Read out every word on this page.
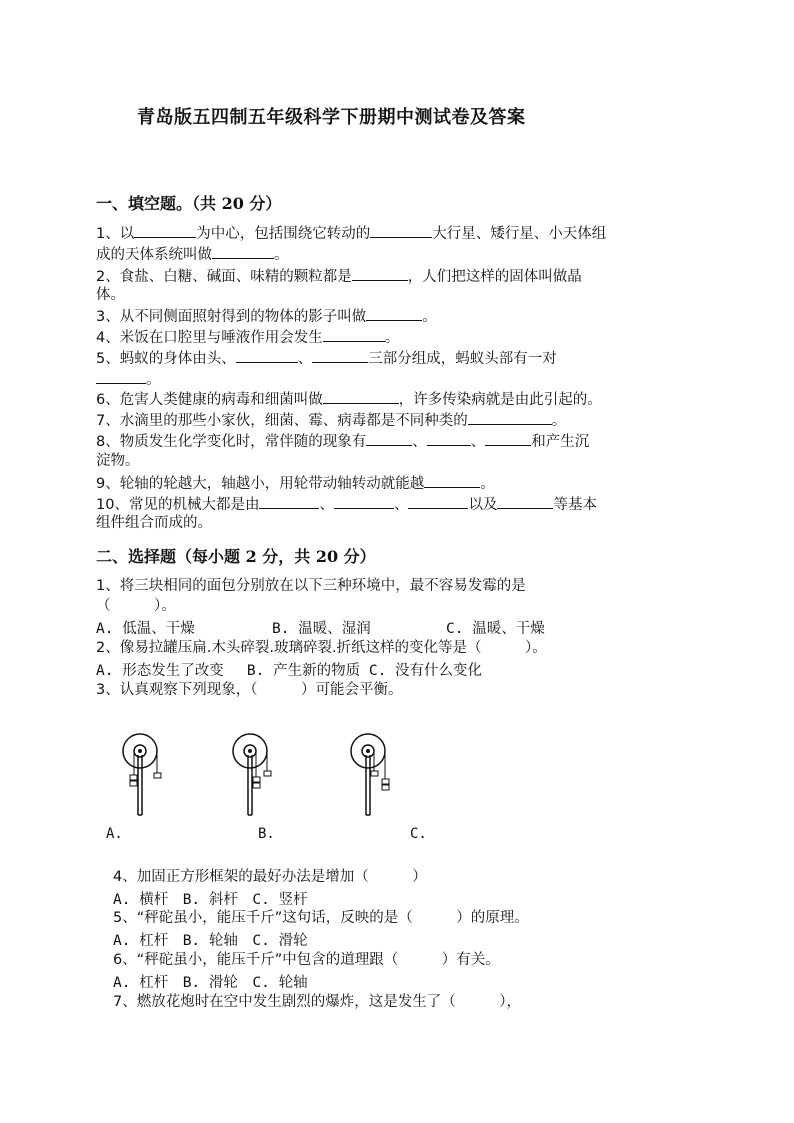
青岛版五四制五年级科学下册期中测试卷及答案
一、填空题。（共 20 分）
1、以	为中心，包括围绕它转动的	大行星、矮行星、小天体组
成的天体系统叫做	。
2、食盐、白糖、碱面、味精的颗粒都是	，人们把这样的固体叫做晶
体。
3、从不同侧面照射得到的物体的影子叫做	。
4、米饭在口腔里与唾液作用会发生	。
5、蚂蚁的身体由头、	、	三部分组成，蚂蚁头部有一对
。
6、危害人类健康的病毒和细菌叫做	，许多传染病就是由此引起的。
7、水滴里的那些小家伙，细菌、霉、病毒都是不同种类的	。
8、物质发生化学变化时，常伴随的现象有	、	、	和产生沉
淀物。
9、轮轴的轮越大，轴越小，用轮带动轴转动就能越	。
10、常见的机械大都是由	、	、	以及	等基本
组件组合而成的。
二、选择题（每小题 2 分，共 20 分）
1、将三块相同的面包分别放在以下三种环境中，最不容易发霉的是
（　　　）。
A. 低温、干燥	B. 温暖、湿润	C. 温暖、干燥
2、像易拉罐压扁.木头碎裂.玻璃碎裂.折纸这样的变化等是（　　　）。
A. 形态发生了改变　 B. 产生新的物质 C. 没有什么变化
3、认真观察下列现象，（　　　）可能会平衡。
A.	B.	C.
4、加固正方形框架的最好办法是增加（　　　）
A. 横杆　B. 斜杆　C. 竖杆
5、“秤砣虽小，能压千斤”这句话，反映的是（　　　）的原理。
A. 杠杆　B. 轮轴　C. 滑轮
6、“秤砣虽小，能压千斤”中包含的道理跟（　　　）有关。
A. 杠杆　B. 滑轮　C. 轮轴
7、燃放花炮时在空中发生剧烈的爆炸，这是发生了（　　　），
